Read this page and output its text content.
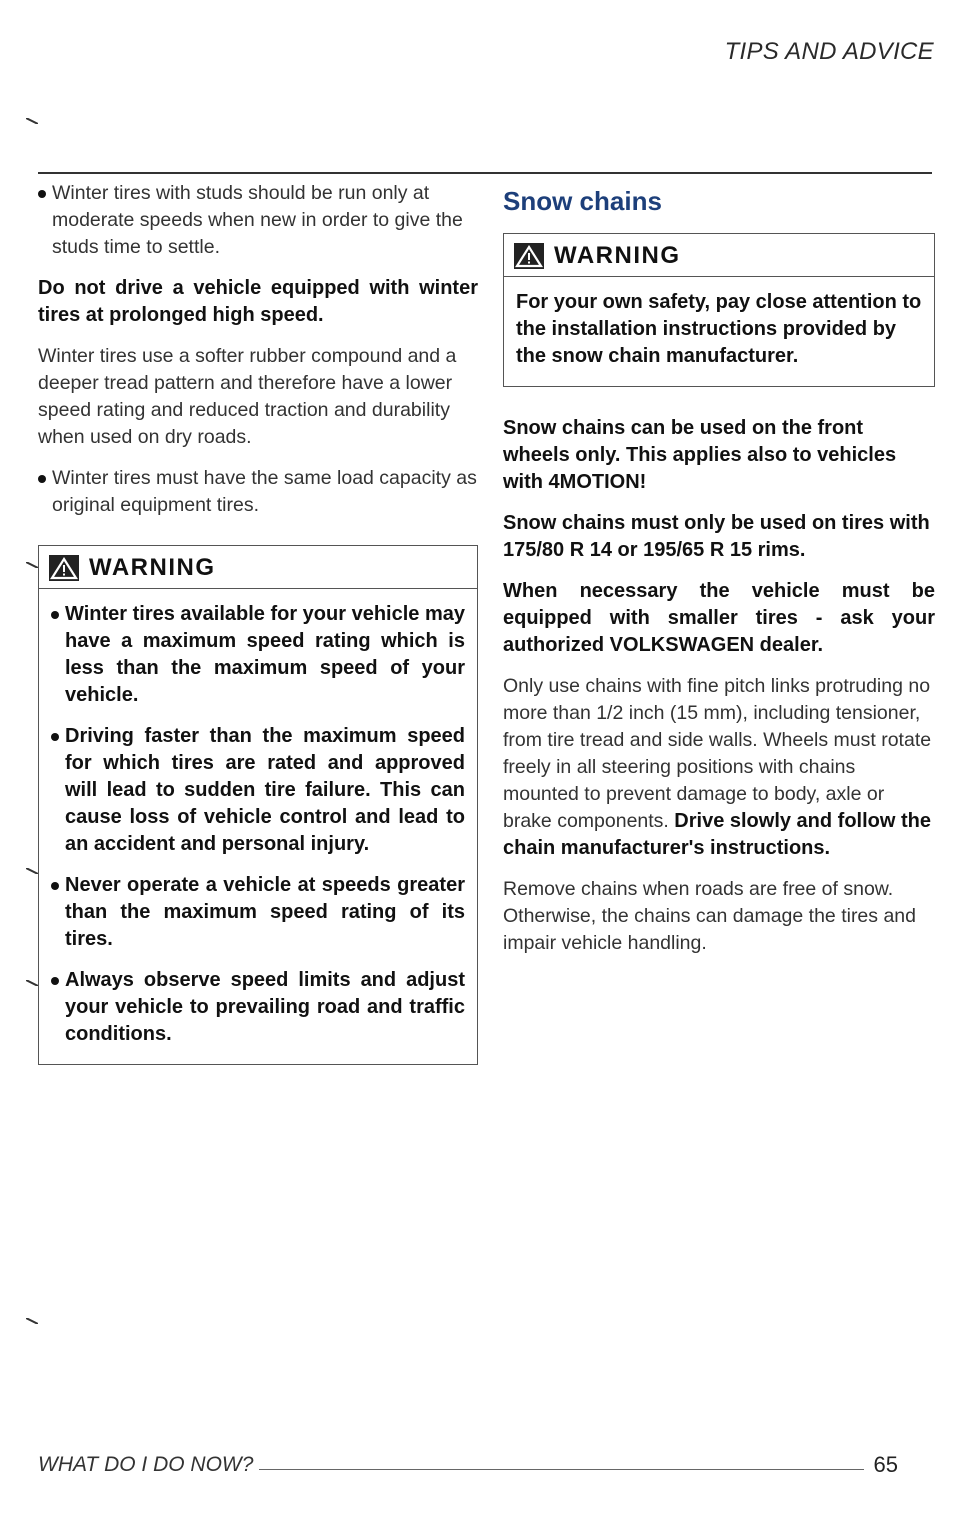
TIPS AND ADVICE

Winter tires with studs should be run only at moderate speeds when new in order to give the studs time to settle.

Do not drive a vehicle equipped with winter tires at prolonged high speed.

Winter tires use a softer rubber compound and a deeper tread pattern and therefore have a lower speed rating and reduced traction and durability when used on dry roads.

Winter tires must have the same load capacity as original equipment tires.

WARNING

Winter tires available for your vehicle may have a maximum speed rating which is less than the maximum speed of your vehicle.

Driving faster than the maximum speed for which tires are rated and approved will lead to sudden tire failure. This can cause loss of vehicle control and lead to an accident and personal injury.

Never operate a vehicle at speeds greater than the maximum speed rating of its tires.

Always observe speed limits and adjust your vehicle to prevailing road and traffic conditions.

Snow chains
WARNING

For your own safety, pay close attention to the installation instructions provided by the snow chain manufacturer.

Snow chains can be used on the front wheels only. This applies also to vehicles with 4MOTION!

Snow chains must only be used on tires with 175/80 R 14 or 195/65 R 15 rims.

When necessary the vehicle must be equipped with smaller tires - ask your authorized VOLKSWAGEN dealer.

Only use chains with fine pitch links protruding no more than 1/2 inch (15 mm), including tensioner, from tire tread and side walls. Wheels must rotate freely in all steering positions with chains mounted to prevent damage to body, axle or brake components. Drive slowly and follow the chain manufacturer's instructions.

Remove chains when roads are free of snow. Otherwise, the chains can damage the tires and impair vehicle handling.

WHAT DO I DO NOW?	65
